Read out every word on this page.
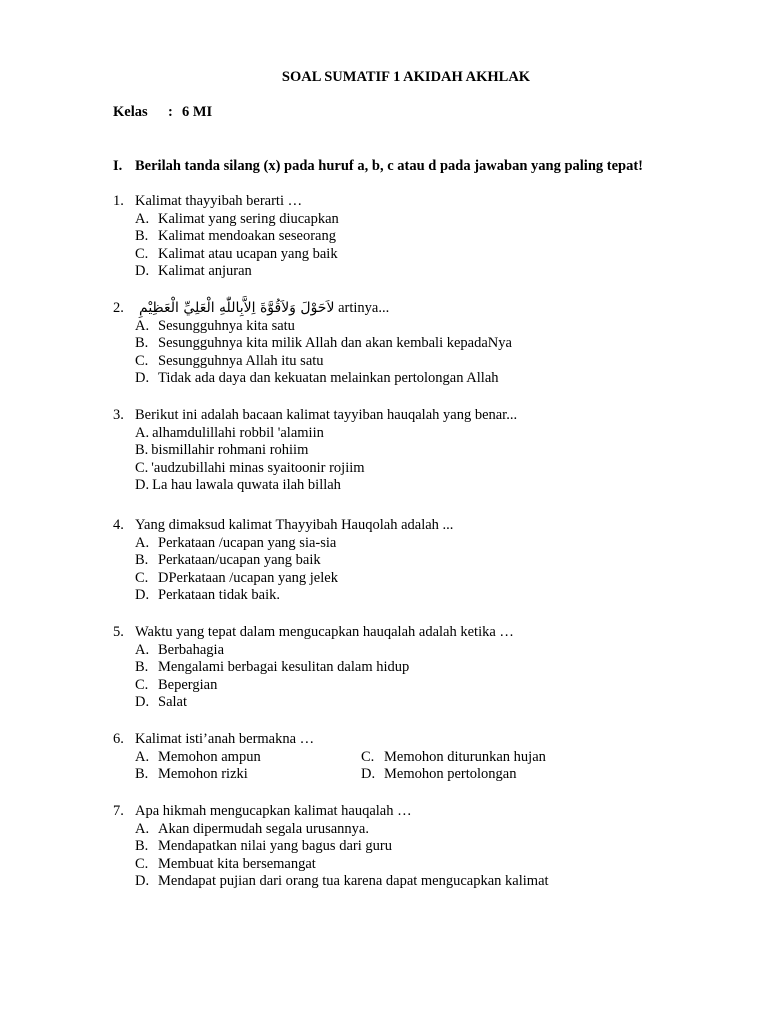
SOAL SUMATIF 1 AKIDAH AKHLAK
Kelas : 6 MI
I. Berilah tanda silang (x) pada huruf a, b, c atau d pada jawaban yang paling tepat!
1. Kalimat thayyibah berarti …
A. Kalimat yang sering diucapkan
B. Kalimat mendoakan seseorang
C. Kalimat atau ucapan yang baik
D. Kalimat anjuran
2. لاَحَوْلَ وَلاَقُوَّةَ اِلاَّبِاللّٰهِ الْعَلِيِّ الْعَظِيْمِ artinya...
A. Sesungguhnya kita satu
B. Sesungguhnya kita milik Allah dan akan kembali kepadaNya
C. Sesungguhnya Allah itu satu
D. Tidak ada daya dan kekuatan melainkan pertolongan Allah
3. Berikut ini adalah bacaan kalimat tayyiban hauqalah yang benar...
A. alhamdulillahi robbil 'alamiin
B. bismillahir rohmani rohiim
C. 'audzubillahi minas syaitoonir rojiim
D. La hau lawala quwata ilah billah
4. Yang dimaksud kalimat Thayyibah Hauqolah adalah ...
A. Perkataan /ucapan yang sia-sia
B. Perkataan/ucapan yang baik
C. DPerkataan /ucapan yang jelek
D. Perkataan tidak baik.
5. Waktu yang tepat dalam mengucapkan hauqalah adalah ketika …
A. Berbahagia
B. Mengalami berbagai kesulitan dalam hidup
C. Bepergian
D. Salat
6. Kalimat isti’anah bermakna …
A. Memohon ampun	C. Memohon diturunkan hujan
B. Memohon rizki	D. Memohon pertolongan
7. Apa hikmah mengucapkan kalimat hauqalah …
A. Akan dipermudah segala urusannya.
B. Mendapatkan nilai yang bagus dari guru
C. Membuat kita bersemangat
D. Mendapat pujian dari orang tua karena dapat mengucapkan kalimat
